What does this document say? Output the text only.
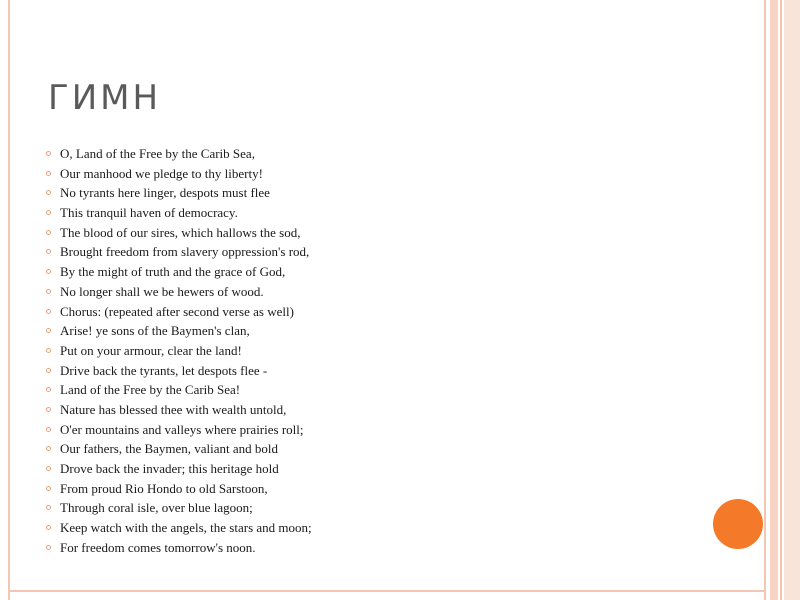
ГИМН
O, Land of the Free by the Carib Sea,
Our manhood we pledge to thy liberty!
No tyrants here linger, despots must flee
This tranquil haven of democracy.
The blood of our sires, which hallows the sod,
Brought freedom from slavery oppression's rod,
By the might of truth and the grace of God,
No longer shall we be hewers of wood.
Chorus: (repeated after second verse as well)
Arise! ye sons of the Baymen's clan,
Put on your armour, clear the land!
Drive back the tyrants, let despots flee -
Land of the Free by the Carib Sea!
Nature has blessed thee with wealth untold,
O'er mountains and valleys where prairies roll;
Our fathers, the Baymen, valiant and bold
Drove back the invader; this heritage hold
From proud Rio Hondo to old Sarstoon,
Through coral isle, over blue lagoon;
Keep watch with the angels, the stars and moon;
For freedom comes tomorrow's noon.
